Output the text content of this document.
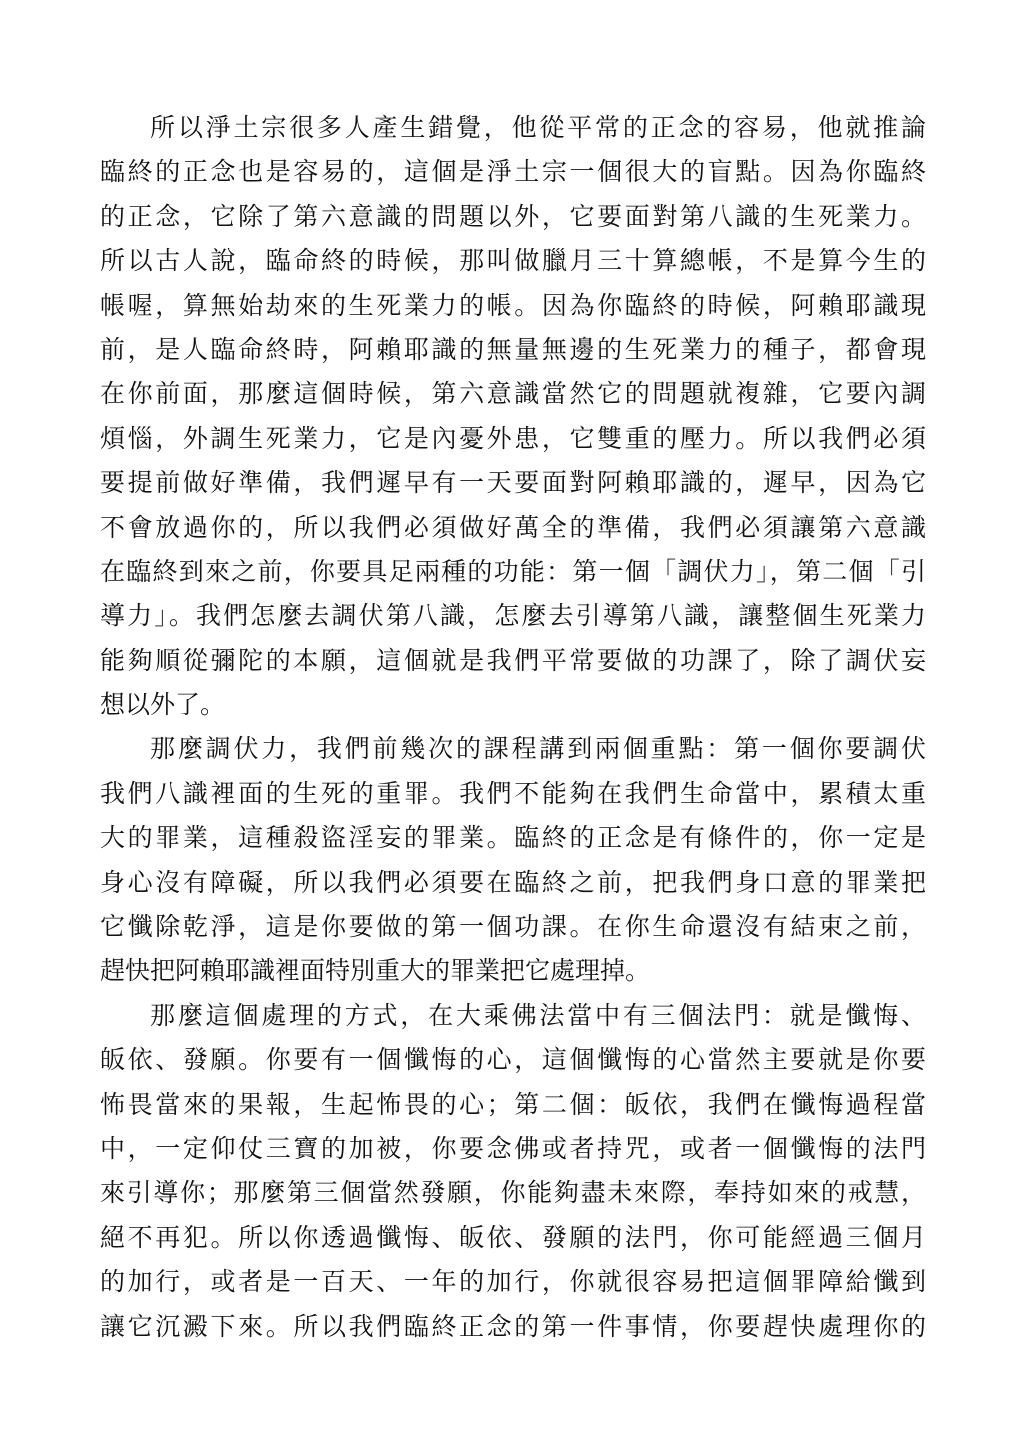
所以淨土宗很多人產生錯覺，他從平常的正念的容易，他就推論
臨終的正念也是容易的，這個是淨土宗一個很大的盲點。因為你臨終
的正念，它除了第六意識的問題以外，它要面對第八識的生死業力。
所以古人說，臨命終的時候，那叫做臘月三十算總帳，不是算今生的
帳喔，算無始劫來的生死業力的帳。因為你臨終的時候，阿賴耶識現
前，是人臨命終時，阿賴耶識的無量無邊的生死業力的種子，都會現
在你前面，那麼這個時候，第六意識當然它的問題就複雜，它要內調
煩惱，外調生死業力，它是內憂外患，它雙重的壓力。所以我們必須
要提前做好準備，我們遲早有一天要面對阿賴耶識的，遲早，因為它
不會放過你的，所以我們必須做好萬全的準備，我們必須讓第六意識
在臨終到來之前，你要具足兩種的功能：第一個「調伏力」，第二個「引
導力」。我們怎麼去調伏第八識，怎麼去引導第八識，讓整個生死業力
能夠順從彌陀的本願，這個就是我們平常要做的功課了，除了調伏妄
想以外了。
那麼調伏力，我們前幾次的課程講到兩個重點：第一個你要調伏
我們八識裡面的生死的重罪。我們不能夠在我們生命當中，累積太重
大的罪業，這種殺盜淫妄的罪業。臨終的正念是有條件的，你一定是
身心沒有障礙，所以我們必須要在臨終之前，把我們身口意的罪業把
它懺除乾淨，這是你要做的第一個功課。在你生命還沒有結束之前，
趕快把阿賴耶識裡面特別重大的罪業把它處理掉。
那麼這個處理的方式，在大乘佛法當中有三個法門：就是懺悔、
皈依、發願。你要有一個懺悔的心，這個懺悔的心當然主要就是你要
怖畏當來的果報，生起怖畏的心；第二個：皈依，我們在懺悔過程當
中，一定仰仗三寶的加被，你要念佛或者持咒，或者一個懺悔的法門
來引導你；那麼第三個當然發願，你能夠盡未來際，奉持如來的戒慧，
絕不再犯。所以你透過懺悔、皈依、發願的法門，你可能經過三個月
的加行，或者是一百天、一年的加行，你就很容易把這個罪障給懺到
讓它沉澱下來。所以我們臨終正念的第一件事情，你要趕快處理你的
